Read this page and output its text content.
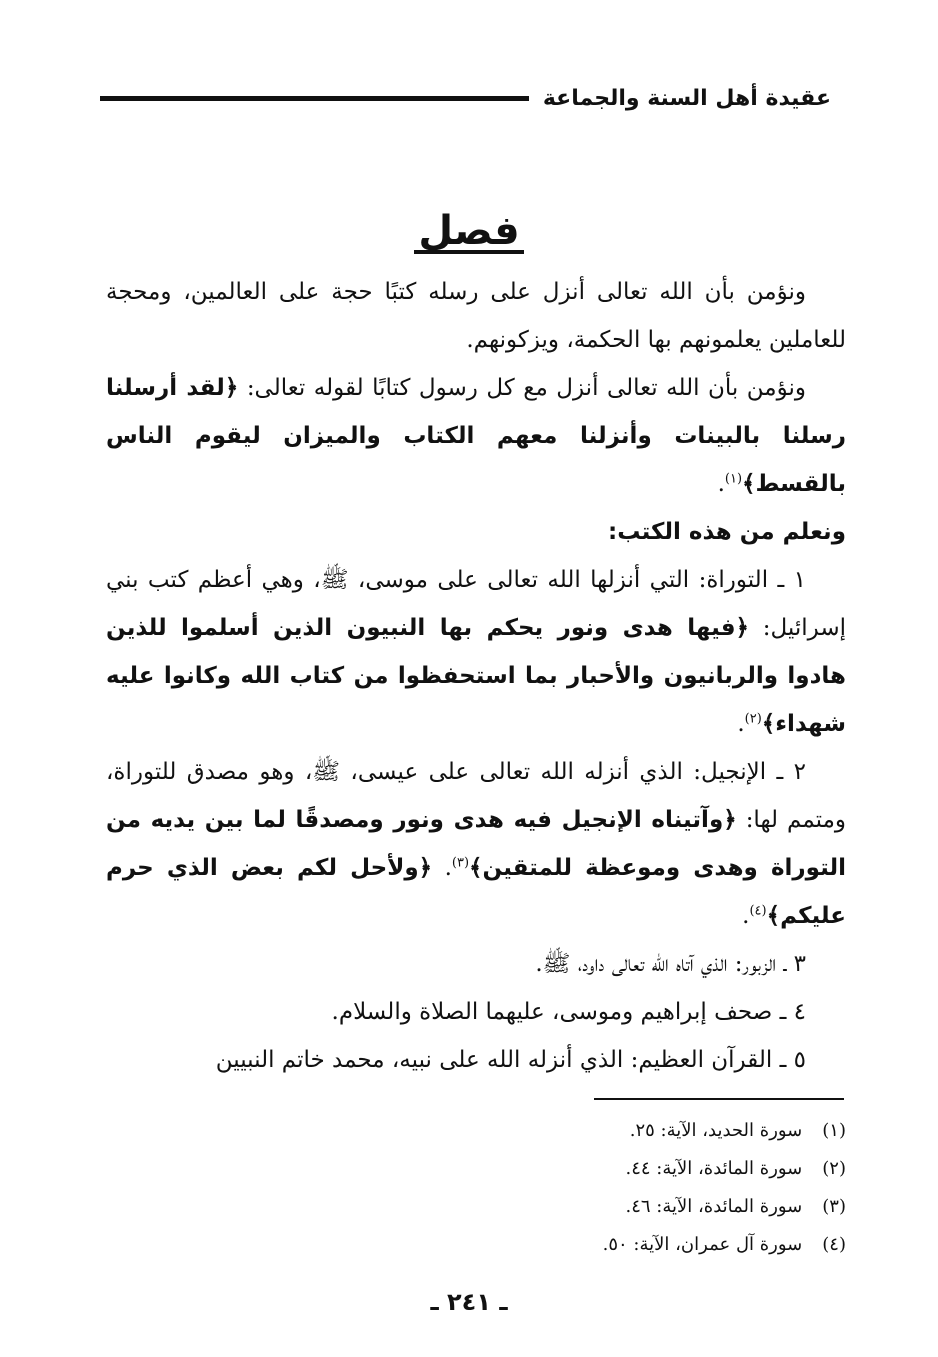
عقيدة أهل السنة والجماعة
فصل

ونؤمن بأن الله تعالى أنزل على رسله كتبًا حجة على العالمين، ومحجة للعاملين يعلمونهم بها الحكمة، ويزكونهم.

ونؤمن بأن الله تعالى أنزل مع كل رسول كتابًا لقوله تعالى: ﴿لقد أرسلنا رسلنا بالبينات وأنزلنا معهم الكتاب والميزان ليقوم الناس بالقسط﴾$^{(١)}$.

ونعلم من هذه الكتب:

١ ـ التوراة: التي أنزلها الله تعالى على موسى، ﷺ، وهي أعظم كتب بني إسرائيل: ﴿فيها هدى ونور يحكم بها النبيون الذين أسلموا للذين هادوا والربانيون والأحبار بما استحفظوا من كتاب الله وكانوا عليه شهداء﴾$^{(٢)}$.

٢ ـ الإنجيل: الذي أنزله الله تعالى على عيسى، ﷺ، وهو مصدق للتوراة، ومتمم لها: ﴿وآتيناه الإنجيل فيه هدى ونور ومصدقًا لما بين يديه من التوراة وهدى وموعظة للمتقين﴾$^{(٣)}$. ﴿ولأحل لكم بعض الذي حرم عليكم﴾$^{(٤)}$.

٣ ـ الزبور: الذي آتاه الله تعالى داود، ﷺ.

٤ ـ صحف إبراهيم وموسى، عليهما الصلاة والسلام.

٥ ـ القرآن العظيم: الذي أنزله الله على نبيه، محمد خاتم النبيين

(١) سورة الحديد، الآية: ٢٥.
(٢) سورة المائدة، الآية: ٤٤.
(٣) سورة المائدة، الآية: ٤٦.
(٤) سورة آل عمران، الآية: ٥٠.
ـ ٢٤١ ـ
